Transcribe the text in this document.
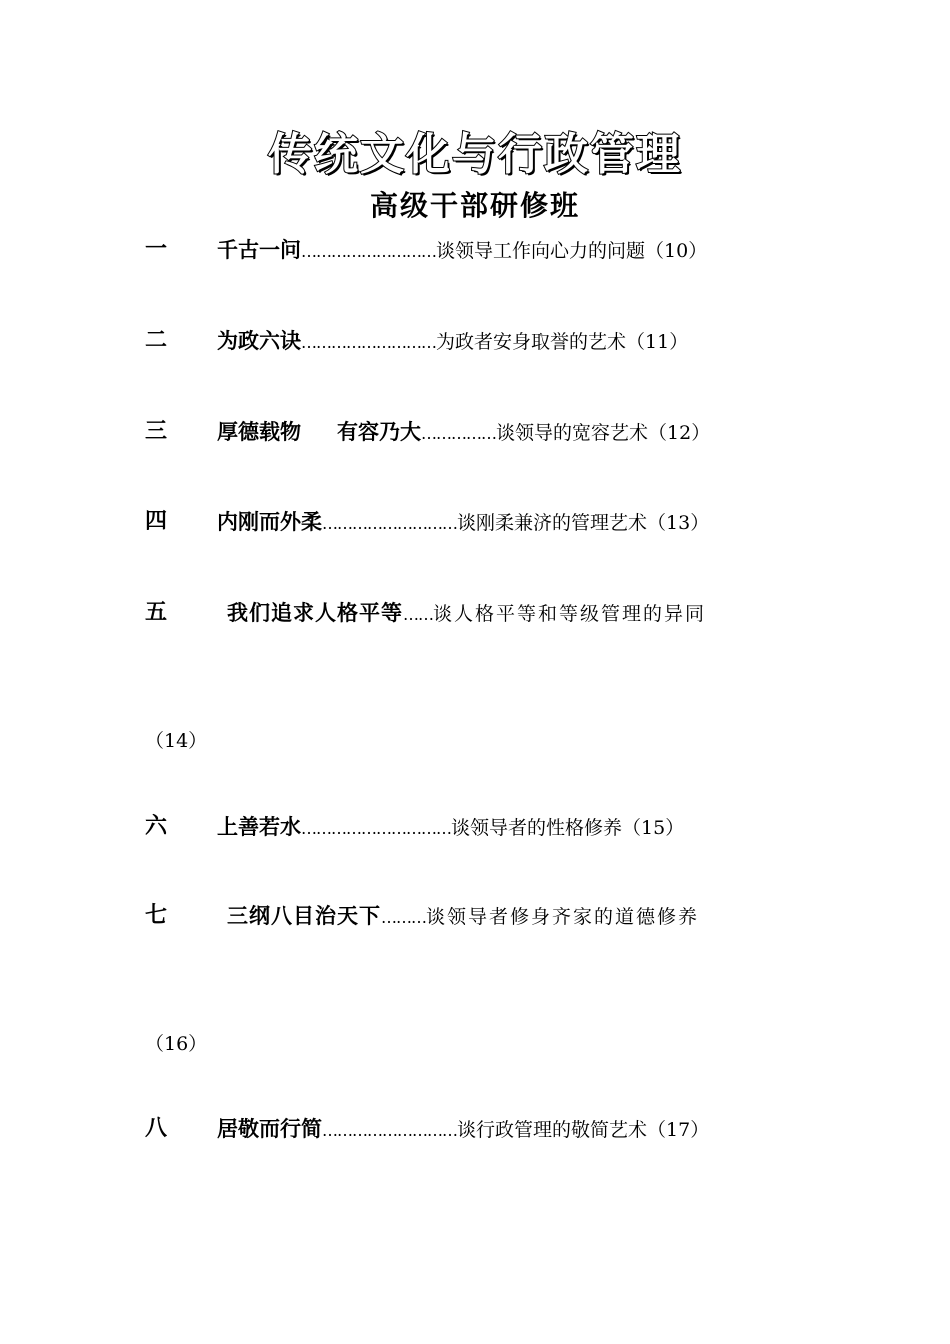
传统文化与行政管理
高级干部研修班
一 千古一问………………………谈领导工作向心力的问题（10）
二 为政六诀………………………为政者安身取誉的艺术（11）
三 厚德载物 有容乃大……………谈领导的宽容艺术（12）
四 内刚而外柔………………………谈刚柔兼济的管理艺术（13）
五	我们追求人格平等……谈人格平等和等级管理的异同
（14）
六 上善若水…………………………谈领导者的性格修养（15）
七	三纲八目治天下………谈领导者修身齐家的道德修养
（16）
八 居敬而行简………………………谈行政管理的敬简艺术（17）
